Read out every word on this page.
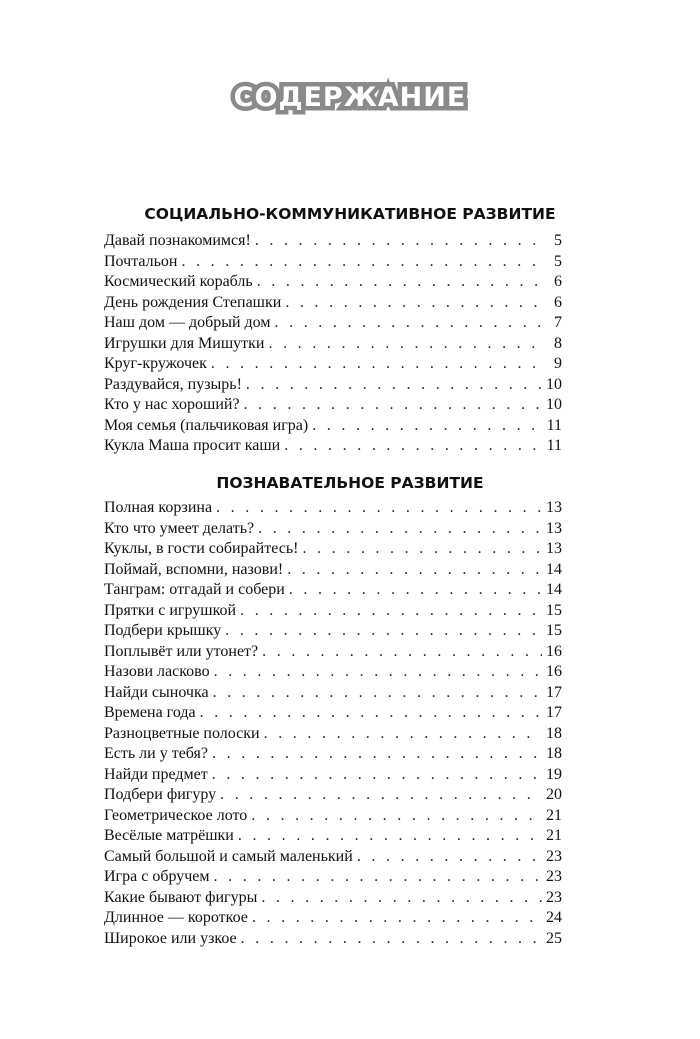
СОДЕРЖАНИЕ
СОЦИАЛЬНО-КОММУНИКАТИВНОЕ РАЗВИТИЕ
Давай познакомимся! . . .	5
Почтальон . . .	5
Космический корабль . . .	6
День рождения Степашки . . .	6
Наш дом — добрый дом . . .	7
Игрушки для Мишутки . . .	8
Круг-кружочек . . .	9
Раздувайся, пузырь! . . .	10
Кто у нас хороший? . . .	10
Моя семья (пальчиковая игра) . . .	11
Кукла Маша просит каши . . .	11
ПОЗНАВАТЕЛЬНОЕ РАЗВИТИЕ
Полная корзина . . .	13
Кто что умеет делать? . . .	13
Куклы, в гости собирайтесь! . . .	13
Поймай, вспомни, назови! . . .	14
Танграм: отгадай и собери . . .	14
Прятки с игрушкой . . .	15
Подбери крышку . . .	15
Поплывёт или утонет? . . .	16
Назови ласково . . .	16
Найди сыночка . . .	17
Времена года . . .	17
Разноцветные полоски . . .	18
Есть ли у тебя? . . .	18
Найди предмет . . .	19
Подбери фигуру . . .	20
Геометрическое лото . . .	21
Весёлые матрёшки . . .	21
Самый большой и самый маленький . . .	23
Игра с обручем . . .	23
Какие бывают фигуры . . .	23
Длинное — короткое . . .	24
Широкое или узкое . . .	25
